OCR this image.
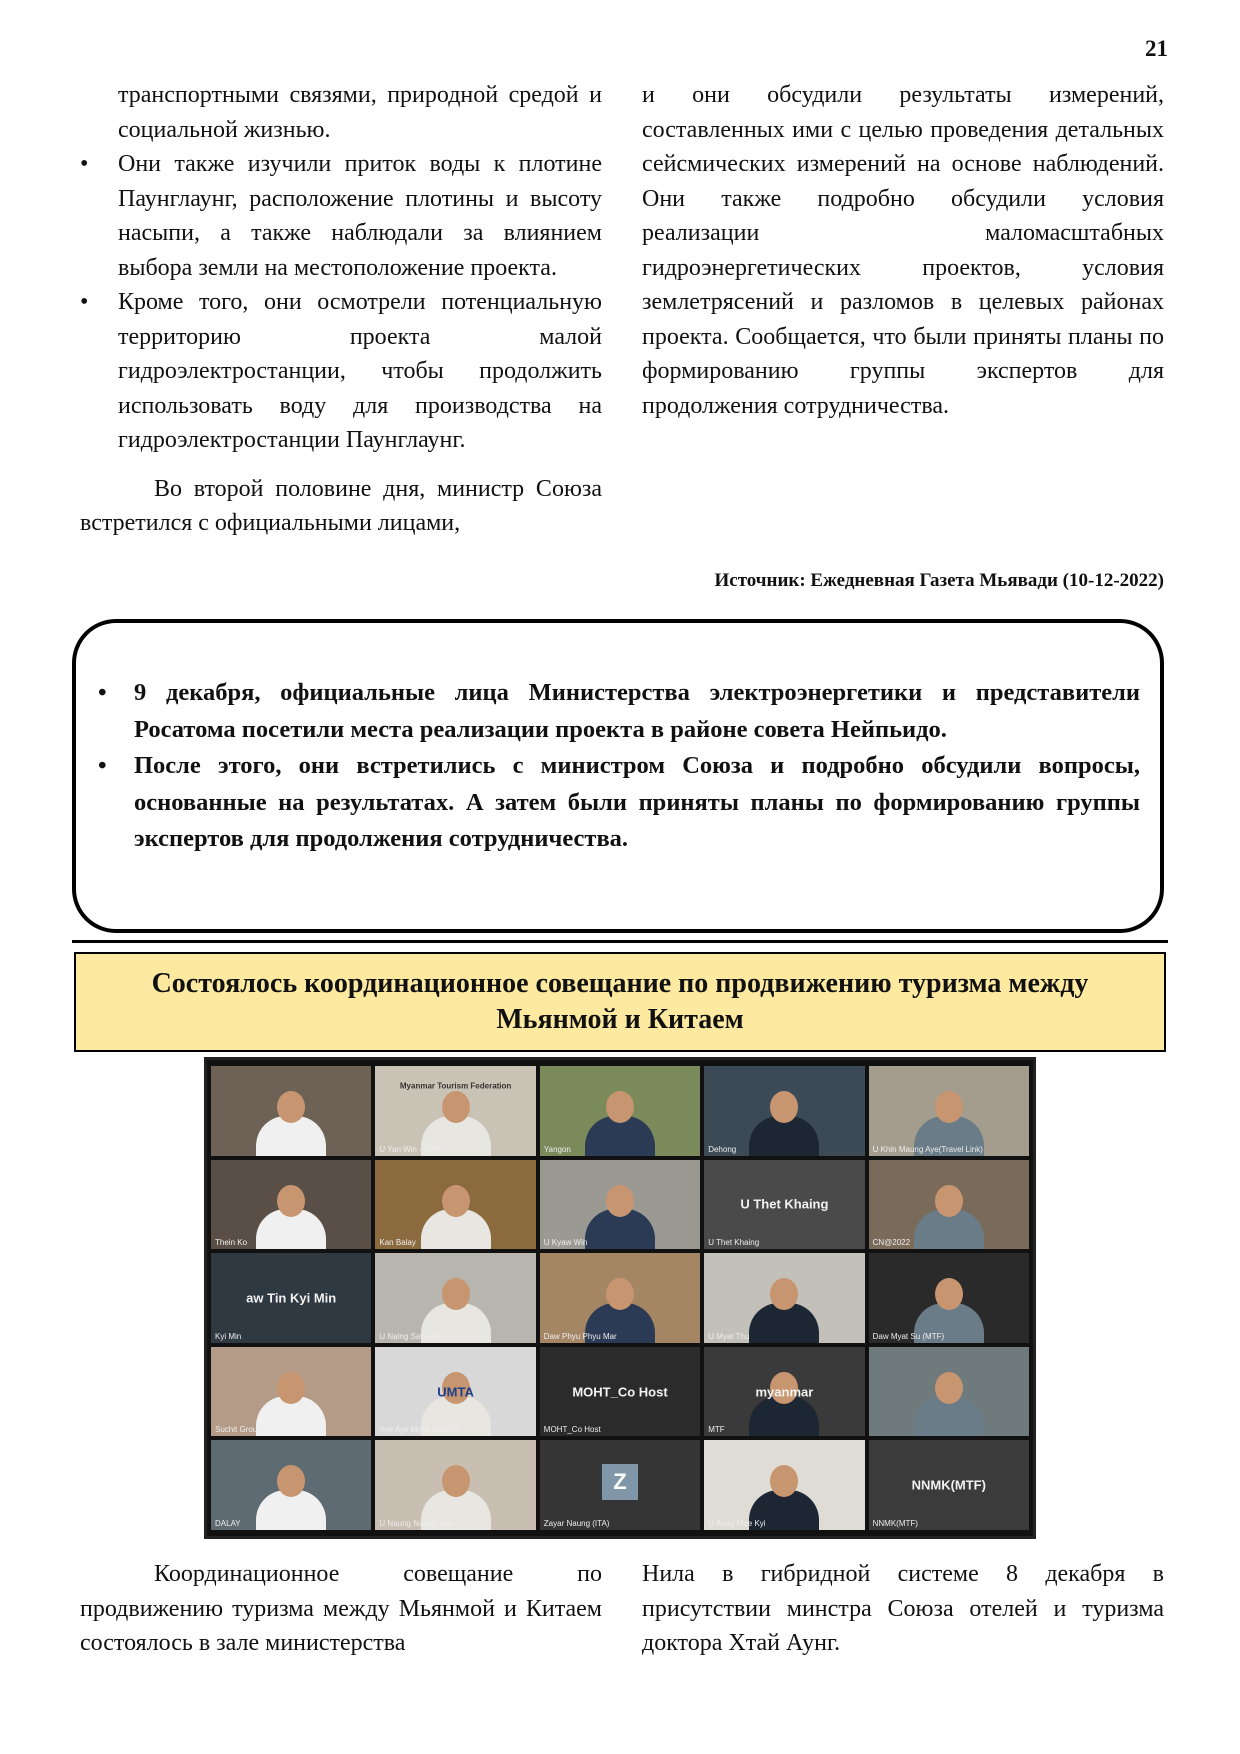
21

транспортными связями, природной средой и социальной жизнью.

• Они также изучили приток воды к плотине Паунглаунг, расположение плотины и высоту насыпи, а также наблюдали за влиянием выбора земли на местоположение проекта.
• Кроме того, они осмотрели потенциальную территорию проекта малой гидроэлектростанции, чтобы продолжить использовать воду для производства на гидроэлектростанции Паунглаунг.

Во второй половине дня, министр Союза встретился с официальными лицами,

и они обсудили результаты измерений, составленных ими с целью проведения детальных сейсмических измерений на основе наблюдений. Они также подробно обсудили условия реализации маломасштабных гидроэнергетических проектов, условия землетрясений и разломов в целевых районах проекта. Сообщается, что были приняты планы по формированию группы экспертов для продолжения сотрудничества.

Источник: Ежедневная Газета Мьявади (10-12-2022)
• 9 декабря, официальные лица Министерства электроэнергетики и представители Росатома посетили места реализации проекта в районе совета Нейпьидо.
• После этого, они встретились с министром Союза и подробно обсудили вопросы, основанные на результатах. А затем были приняты планы по формированию группы экспертов для продолжения сотрудничества.
Состоялось координационное совещание по продвижению туризма между Мьянмой и Китаем
Myanmar Tourism Federation
U Yan Win - MTF	Yangon	Dehong	U Khin Maung Aye(Travel Link)
Thein Ko	Kan Balay	U Kyaw Win
U Thet Khaing
U Thet Khaing	CN@2022
aw Tin Kyi Min
Kyi Min	U Naing Saw Lwin	Daw Phyu Phyu Mar	U Myat Thu	Daw Myat Su (MTF)
Suchit Group of Companies
UMTA
Aye Aye Myint (UMTA)
MOHT_Co Host
MOHT_Co Host
myanmar
MTF
DALAY	U Naung Naung Han
Z
Zayar Naung (ITA)	U Aung Moe Kyi
NNMK(MTF)
NNMK(MTF)

Координационное совещание по продвижению туризма между Мьянмой и Китаем состоялось в зале министерства

Нила в гибридной системе 8 декабря в присутствии минстра Союза отелей и туризма доктора Хтай Аунг.
